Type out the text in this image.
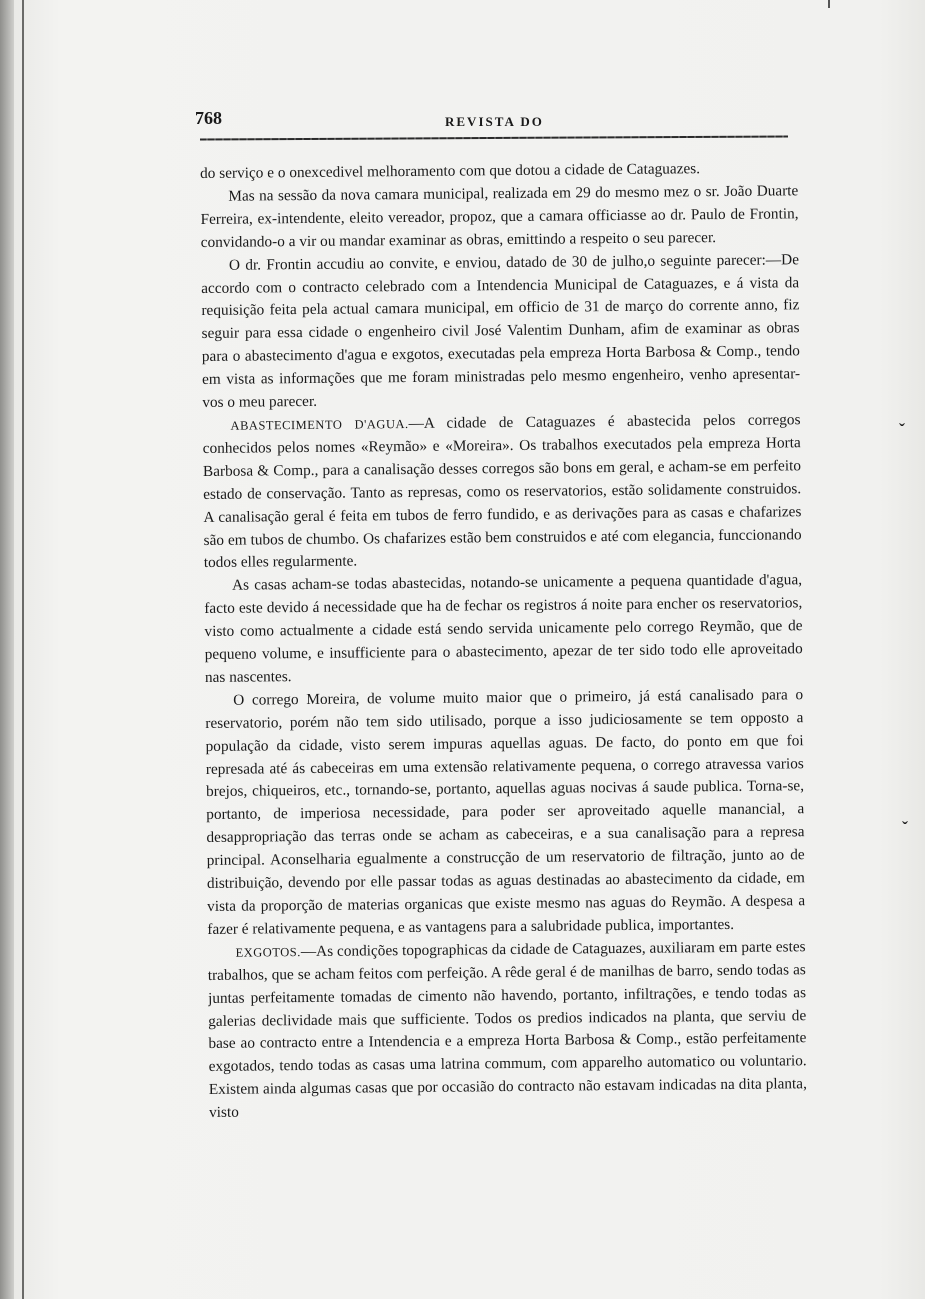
768	REVISTA DO

do serviço e o onexcedivel melhoramento com que dotou a cidade de Cataguazes.

Mas na sessão da nova camara municipal, realizada em 29 do mesmo mez o sr. João Duarte Ferreira, ex-intendente, eleito vereador, propoz, que a camara officiasse ao dr. Paulo de Frontin, convidando-o a vir ou mandar examinar as obras, emittindo a respeito o seu parecer.

O dr. Frontin accudiu ao convite, e enviou, datado de 30 de julho,o seguinte parecer:—De accordo com o contracto celebrado com a Intendencia Municipal de Cataguazes, e á vista da requisição feita pela actual camara municipal, em officio de 31 de março do corrente anno, fiz seguir para essa cidade o engenheiro civil José Valentim Dunham, afim de examinar as obras para o abastecimento d'agua e exgotos, executadas pela empreza Horta Barbosa & Comp., tendo em vista as informações que me foram ministradas pelo mesmo engenheiro, venho apresentar-vos o meu parecer.

ABASTECIMENTO D'AGUA.—A cidade de Cataguazes é abastecida pelos corregos conhecidos pelos nomes «Reymão» e «Moreira». Os trabalhos executados pela empreza Horta Barbosa & Comp., para a canalisação desses corregos são bons em geral, e acham-se em perfeito estado de conservação. Tanto as represas, como os reservatorios, estão solidamente construidos. A canalisação geral é feita em tubos de ferro fundido, e as derivações para as casas e chafarizes são em tubos de chumbo. Os chafarizes estão bem construidos e até com elegancia, funccionando todos elles regularmente.

As casas acham-se todas abastecidas, notando-se unicamente a pequena quantidade d'agua, facto este devido á necessidade que ha de fechar os registros á noite para encher os reservatorios, visto como actualmente a cidade está sendo servida unicamente pelo corrego Reymão, que de pequeno volume, e insufficiente para o abastecimento, apezar de ter sido todo elle aproveitado nas nascentes.

O corrego Moreira, de volume muito maior que o primeiro, já está canalisado para o reservatorio, porém não tem sido utilisado, porque a isso judiciosamente se tem opposto a população da cidade, visto serem impuras aquellas aguas. De facto, do ponto em que foi represada até ás cabeceiras em uma extensão relativamente pequena, o corrego atravessa varios brejos, chiqueiros, etc., tornando-se, portanto, aquellas aguas nocivas á saude publica. Torna-se, portanto, de imperiosa necessidade, para poder ser aproveitado aquelle manancial, a desappropriação das terras onde se acham as cabeceiras, e a sua canalisação para a represa principal. Aconselharia egualmente a construcção de um reservatorio de filtração, junto ao de distribuição, devendo por elle passar todas as aguas destinadas ao abastecimento da cidade, em vista da proporção de materias organicas que existe mesmo nas aguas do Reymão. A despesa a fazer é relativamente pequena, e as vantagens para a salubridade publica, importantes.

EXGOTOS.—As condições topographicas da cidade de Cataguazes, auxiliaram em parte estes trabalhos, que se acham feitos com perfeição. A rêde geral é de manilhas de barro, sendo todas as juntas perfeitamente tomadas de cimento não havendo, portanto, infiltrações, e tendo todas as galerias declividade mais que sufficiente. Todos os predios indicados na planta, que serviu de base ao contracto entre a Intendencia e a empreza Horta Barbosa & Comp., estão perfeitamente exgotados, tendo todas as casas uma latrina commum, com apparelho automatico ou voluntario. Existem ainda algumas casas que por occasião do contracto não estavam indicadas na dita planta, visto

ˇ
ˇ
